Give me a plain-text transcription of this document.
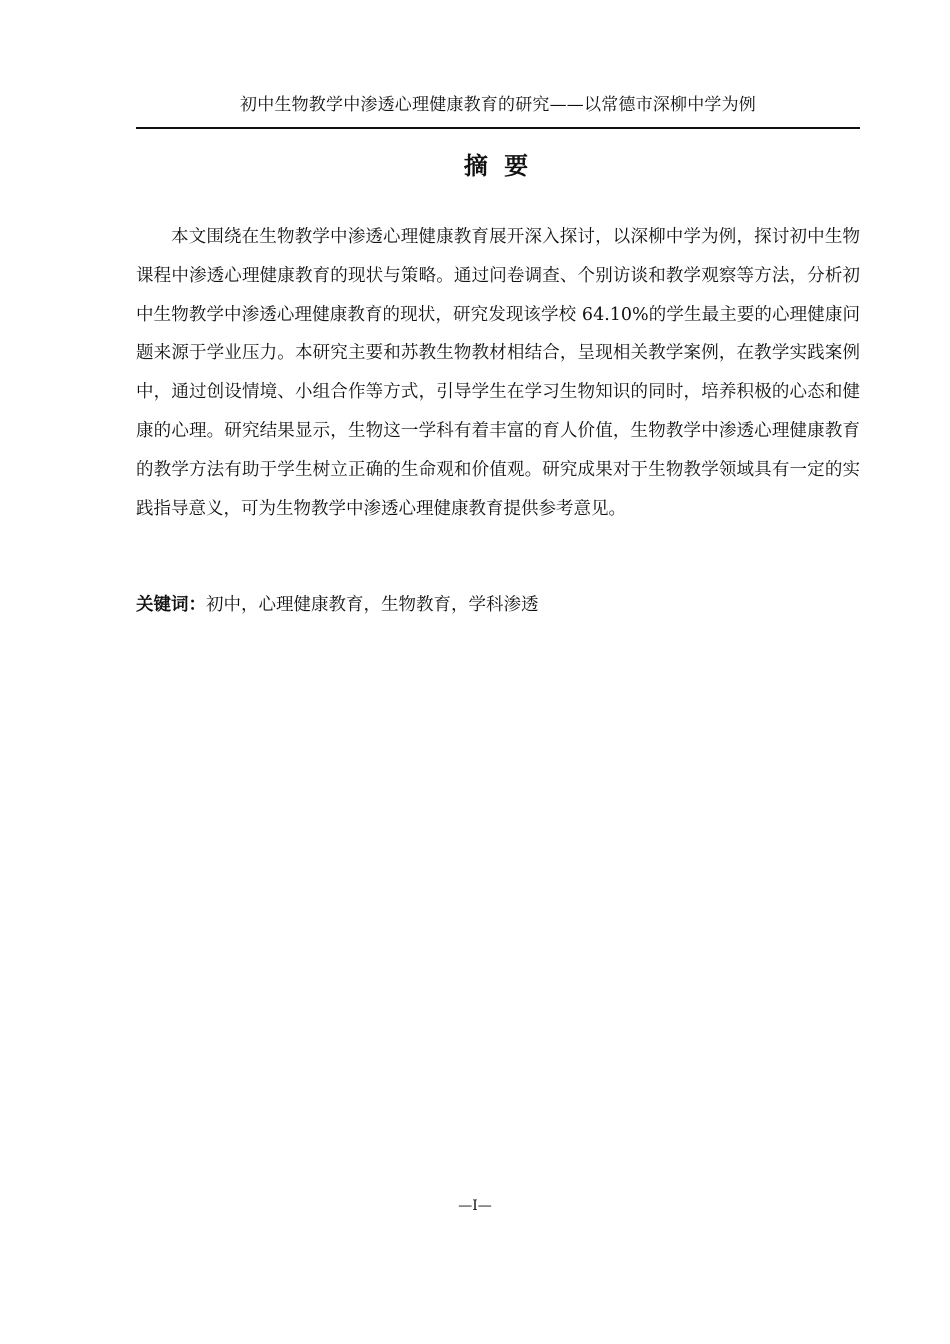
初中生物教学中渗透心理健康教育的研究——以常德市深柳中学为例
摘 要

本文围绕在生物教学中渗透心理健康教育展开深入探讨，以深柳中学为例，探讨初中生物课程中渗透心理健康教育的现状与策略。通过问卷调查、个别访谈和教学观察等方法，分析初中生物教学中渗透心理健康教育的现状，研究发现该学校 64.10%的学生最主要的心理健康问题来源于学业压力。本研究主要和苏教生物教材相结合，呈现相关教学案例，在教学实践案例中，通过创设情境、小组合作等方式，引导学生在学习生物知识的同时，培养积极的心态和健康的心理。研究结果显示，生物这一学科有着丰富的育人价值，生物教学中渗透心理健康教育的教学方法有助于学生树立正确的生命观和价值观。研究成果对于生物教学领域具有一定的实践指导意义，可为生物教学中渗透心理健康教育提供参考意见。

关键词：初中，心理健康教育，生物教育，学科渗透
—I—
